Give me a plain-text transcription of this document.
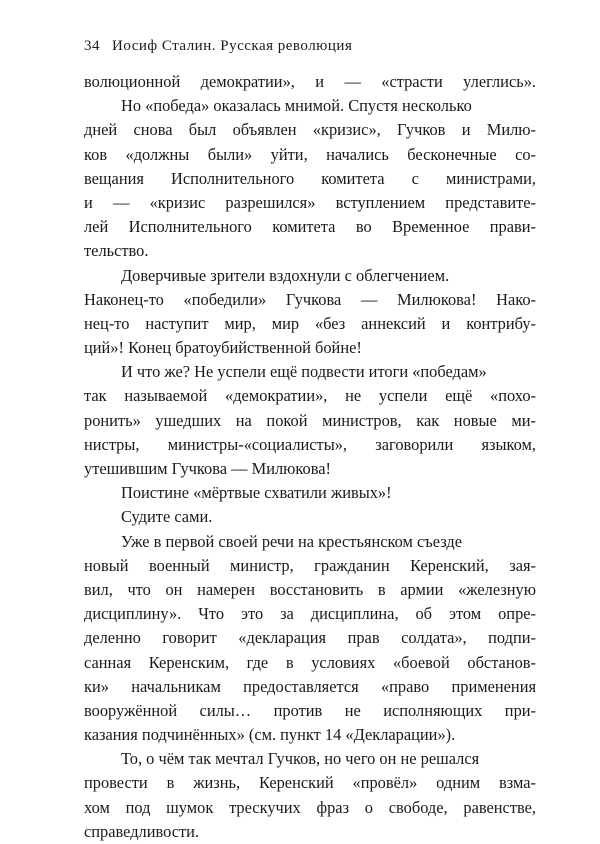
34 Иосиф Сталин. Русская революция
волюционной демократии», и — «страсти улеглись».
Но «победа» оказалась мнимой. Спустя несколько
дней снова был объявлен «кризис», Гучков и Милю-
ков «должны были» уйти, начались бесконечные со-
вещания Исполнительного комитета с министрами,
и — «кризис разрешился» вступлением представите-
лей Исполнительного комитета во Временное прави-
тельство.
Доверчивые зрители вздохнули с облегчением.
Наконец-то «победили» Гучкова — Милюкова! Нако-
нец-то наступит мир, мир «без аннексий и контрибу-
ций»! Конец братоубийственной бойне!
И что же? Не успели ещё подвести итоги «победам»
так называемой «демократии», не успели ещё «похо-
ронить» ушедших на покой министров, как новые ми-
нистры, министры-«социалисты», заговорили языком,
утешившим Гучкова — Милюкова!
Поистине «мёртвые схватили живых»!
Судите сами.
Уже в первой своей речи на крестьянском съезде
новый военный министр, гражданин Керенский, зая-
вил, что он намерен восстановить в армии «железную
дисциплину». Что это за дисциплина, об этом опре-
деленно говорит «декларация прав солдата», подпи-
санная Керенским, где в условиях «боевой обстанов-
ки» начальникам предоставляется «право применения
вооружённой силы… против не исполняющих при-
казания подчинённых» (см. пункт 14 «Декларации»).
То, о чём так мечтал Гучков, но чего он не решался
провести в жизнь, Керенский «провёл» одним взма-
хом под шумок трескучих фраз о свободе, равенстве,
справедливости.
